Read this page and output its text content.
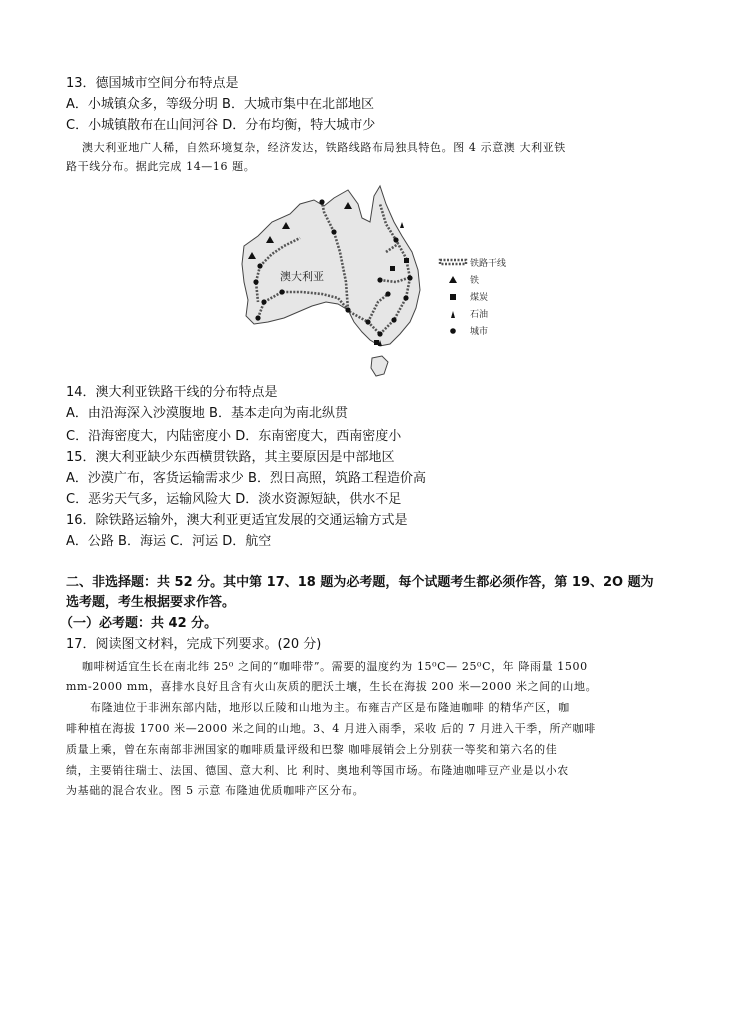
13．德国城市空间分布特点是
A．小城镇众多，等级分明 B．大城市集中在北部地区
C．小城镇散布在山间河谷 D．分布均衡，特大城市少
澳大利亚地广人稀，自然环境复杂，经济发达，铁路线路布局独具特色。图 4 示意澳 大利亚铁
路干线分布。据此完成 14—16 题。
澳大利亚
铁路干线
铁
煤炭
石油
城市
14．澳大利亚铁路干线的分布特点是
A．由沿海深入沙漠腹地 B．基本走向为南北纵贯
C．沿海密度大，内陆密度小 D．东南密度大，西南密度小
15．澳大利亚缺少东西横贯铁路，其主要原因是中部地区
A．沙漠广布，客货运输需求少 B．烈日高照，筑路工程造价高
C．恶劣天气多，运输风险大 D．淡水资源短缺，供水不足
16．除铁路运输外，澳大利亚更适宜发展的交通运输方式是
A．公路 B．海运 C．河运 D．航空
二、非选择题：共 52 分。其中第 17、18 题为必考题，每个试题考生都必须作答，第 19、2O 题为
选考题，考生根据要求作答。
（一）必考题：共 42 分。
17．阅读图文材料，完成下列要求。(20 分)
咖啡树适宜生长在南北纬 25⁰ 之间的“咖啡带”。需要的温度约为 15⁰C— 25⁰C，年 降雨量 1500
mm-2000 mm，喜排水良好且含有火山灰质的肥沃土壤，生长在海拔 200 米—2000 米之间的山地。
布隆迪位于非洲东部内陆，地形以丘陵和山地为主。布雍吉产区是布隆迪咖啡 的精华产区，咖
啡种植在海拔 1700 米—2000 米之间的山地。3、4 月进入雨季，采收 后的 7 月进入干季，所产咖啡
质量上乘，曾在东南部非洲国家的咖啡质量评级和巴黎 咖啡展销会上分别获一等奖和第六名的佳
绩，主要销往瑞士、法国、德国、意大利、比 利时、奥地利等国市场。布隆迪咖啡豆产业是以小农
为基础的混合农业。图 5 示意 布隆迪优质咖啡产区分布。
